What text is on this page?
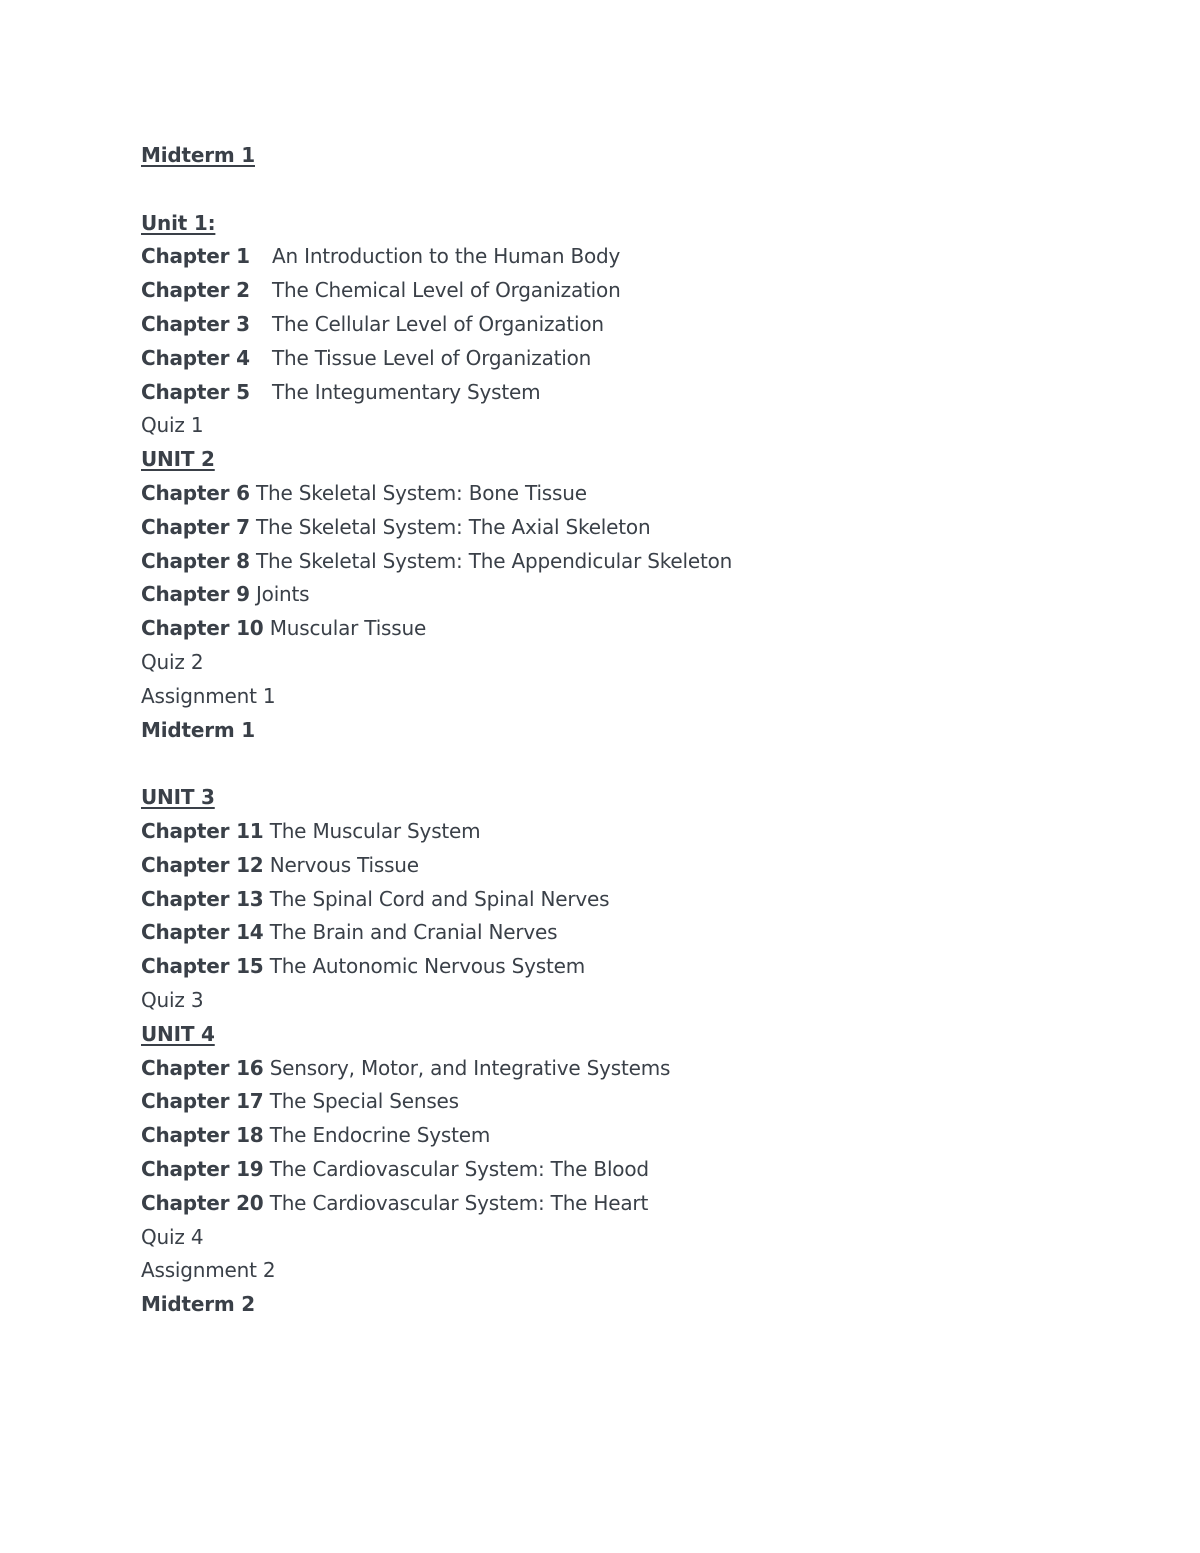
Midterm 1
Unit 1:
Chapter 1 An Introduction to the Human Body
Chapter 2 The Chemical Level of Organization
Chapter 3 The Cellular Level of Organization
Chapter 4 The Tissue Level of Organization
Chapter 5 The Integumentary System
Quiz 1
UNIT 2
Chapter 6 The Skeletal System: Bone Tissue
Chapter 7 The Skeletal System: The Axial Skeleton
Chapter 8 The Skeletal System: The Appendicular Skeleton
Chapter 9 Joints
Chapter 10 Muscular Tissue
Quiz 2
Assignment 1
Midterm 1
UNIT 3
Chapter 11 The Muscular System
Chapter 12 Nervous Tissue
Chapter 13 The Spinal Cord and Spinal Nerves
Chapter 14 The Brain and Cranial Nerves
Chapter 15 The Autonomic Nervous System
Quiz 3
UNIT 4
Chapter 16 Sensory, Motor, and Integrative Systems
Chapter 17 The Special Senses
Chapter 18 The Endocrine System
Chapter 19 The Cardiovascular System: The Blood
Chapter 20 The Cardiovascular System: The Heart
Quiz 4
Assignment 2
Midterm 2
